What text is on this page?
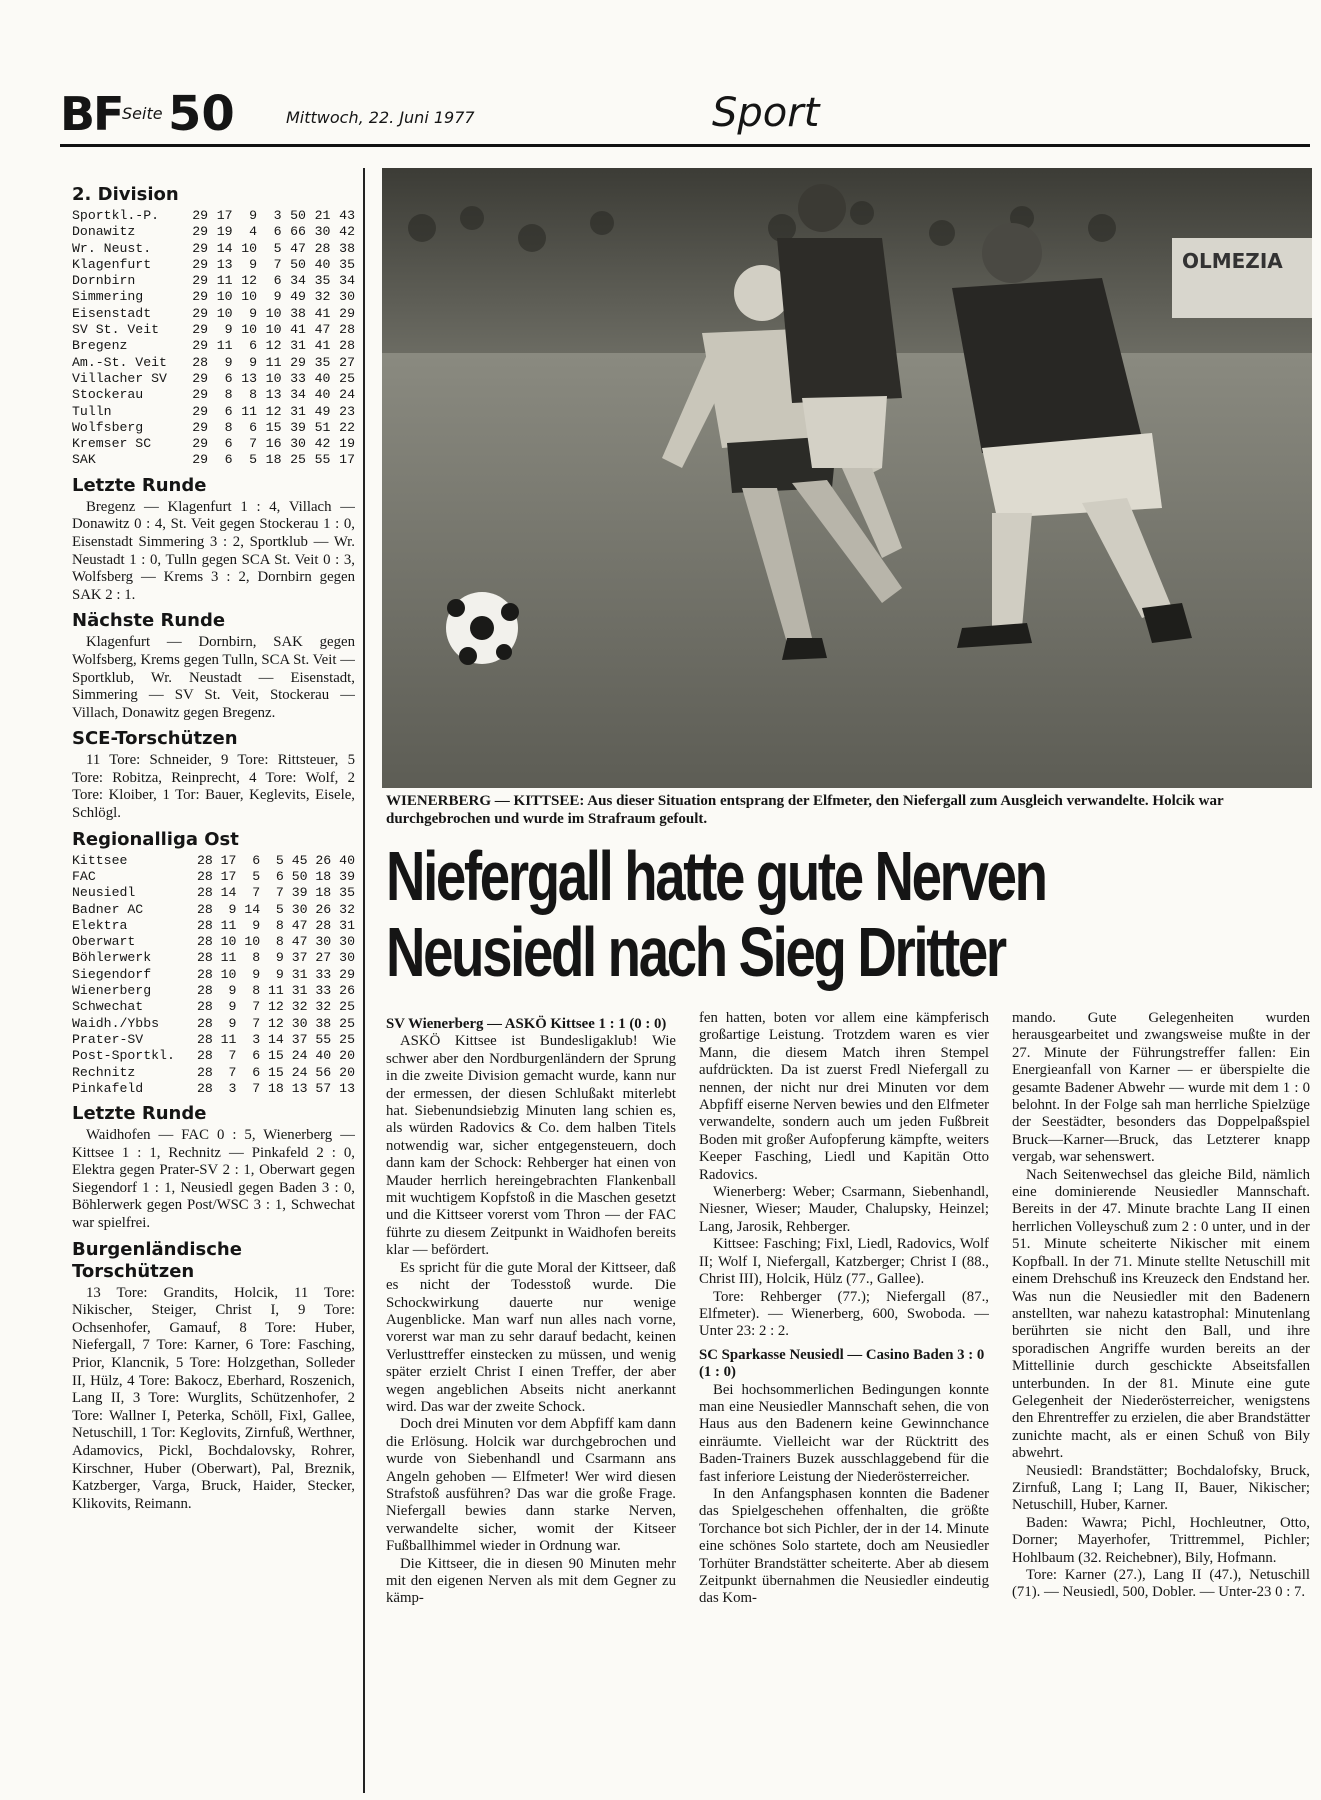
BF Seite 50	Mittwoch, 22. Juni 1977	Sport
2. Division
Sportkl.-P.	29	17	9	3	50	21	43
Donawitz	29	19	4	6	66	30	42
Wr. Neust.	29	14	10	5	47	28	38
Klagenfurt	29	13	9	7	50	40	35
Dornbirn	29	11	12	6	34	35	34
Simmering	29	10	10	9	49	32	30
Eisenstadt	29	10	9	10	38	41	29
SV St. Veit	29	9	10	10	41	47	28
Bregenz	29	11	6	12	31	41	28
Am.-St. Veit	28	9	9	11	29	35	27
Villacher SV	29	6	13	10	33	40	25
Stockerau	29	8	8	13	34	40	24
Tulln	29	6	11	12	31	49	23
Wolfsberg	29	8	6	15	39	51	22
Kremser SC	29	6	7	16	30	42	19
SAK	29	6	5	18	25	55	17
Letzte Runde

Bregenz — Klagenfurt 1 : 4, Villach — Donawitz 0 : 4, St. Veit gegen Stockerau 1 : 0, Eisenstadt Simmering 3 : 2, Sportklub — Wr. Neustadt 1 : 0, Tulln gegen SCA St. Veit 0 : 3, Wolfsberg — Krems 3 : 2, Dornbirn gegen SAK 2 : 1.

Nächste Runde

Klagenfurt — Dornbirn, SAK gegen Wolfsberg, Krems gegen Tulln, SCA St. Veit — Sportklub, Wr. Neustadt — Eisenstadt, Simmering — SV St. Veit, Stockerau — Villach, Donawitz gegen Bregenz.

SCE-Torschützen

11 Tore: Schneider, 9 Tore: Rittsteuer, 5 Tore: Robitza, Reinprecht, 4 Tore: Wolf, 2 Tore: Kloiber, 1 Tor: Bauer, Keglevits, Eisele, Schlögl.

Regionalliga Ost
Kittsee	28	17	6	5	45	26	40
FAC	28	17	5	6	50	18	39
Neusiedl	28	14	7	7	39	18	35
Badner AC	28	9	14	5	30	26	32
Elektra	28	11	9	8	47	28	31
Oberwart	28	10	10	8	47	30	30
Böhlerwerk	28	11	8	9	37	27	30
Siegendorf	28	10	9	9	31	33	29
Wienerberg	28	9	8	11	31	33	26
Schwechat	28	9	7	12	32	32	25
Waidh./Ybbs	28	9	7	12	30	38	25
Prater-SV	28	11	3	14	37	55	25
Post-Sportkl.	28	7	6	15	24	40	20
Rechnitz	28	7	6	15	24	56	20
Pinkafeld	28	3	7	18	13	57	13
Letzte Runde

Waidhofen — FAC 0 : 5, Wienerberg — Kittsee 1 : 1, Rechnitz — Pinkafeld 2 : 0, Elektra gegen Prater-SV 2 : 1, Oberwart gegen Siegendorf 1 : 1, Neusiedl gegen Baden 3 : 0, Böhlerwerk gegen Post/WSC 3 : 1, Schwechat war spielfrei.

Burgenländische Torschützen

13 Tore: Grandits, Holcik, 11 Tore: Nikischer, Steiger, Christ I, 9 Tore: Ochsenhofer, Gamauf, 8 Tore: Huber, Niefergall, 7 Tore: Karner, 6 Tore: Fasching, Prior, Klancnik, 5 Tore: Holzgethan, Solleder II, Hülz, 4 Tore: Bakocz, Eberhard, Roszenich, Lang II, 3 Tore: Wurglits, Schützenhofer, 2 Tore: Wallner I, Peterka, Schöll, Fixl, Gallee, Netuschill, 1 Tor: Keglovits, Zirnfuß, Werthner, Adamovics, Pickl, Bochdalovsky, Rohrer, Kirschner, Huber (Oberwart), Pal, Breznik, Katzberger, Varga, Bruck, Haider, Stecker, Klikovits, Reimann.

OLMEZIA
WIENERBERG — KITTSEE: Aus dieser Situation entsprang der Elfmeter, den Niefergall zum Ausgleich verwandelte. Holcik war durchgebrochen und wurde im Strafraum gefoult.
Niefergall hatte gute Nerven
Neusiedl nach Sieg Dritter

SV Wienerberg — ASKÖ Kittsee 1 : 1 (0 : 0)

ASKÖ Kittsee ist Bundesligaklub! Wie schwer aber den Nordburgenländern der Sprung in die zweite Division gemacht wurde, kann nur der ermessen, der diesen Schlußakt miterlebt hat. Siebenundsiebzig Minuten lang schien es, als würden Radovics & Co. dem halben Titels notwendig war, sicher entgegensteuern, doch dann kam der Schock: Rehberger hat einen von Mauder herrlich hereingebrachten Flankenball mit wuchtigem Kopfstoß in die Maschen gesetzt und die Kittseer vorerst vom Thron — der FAC führte zu diesem Zeitpunkt in Waidhofen bereits klar — befördert.

Es spricht für die gute Moral der Kittseer, daß es nicht der Todesstoß wurde. Die Schockwirkung dauerte nur wenige Augenblicke. Man warf nun alles nach vorne, vorerst war man zu sehr darauf bedacht, keinen Verlusttreffer einstecken zu müssen, und wenig später erzielt Christ I einen Treffer, der aber wegen angeblichen Abseits nicht anerkannt wird. Das war der zweite Schock.

Doch drei Minuten vor dem Abpfiff kam dann die Erlösung. Holcik war durchgebrochen und wurde von Siebenhandl und Csarmann ans Angeln gehoben — Elfmeter! Wer wird diesen Strafstoß ausführen? Das war die große Frage. Niefergall bewies dann starke Nerven, verwandelte sicher, womit der Kitseer Fußballhimmel wieder in Ordnung war.

Die Kittseer, die in diesen 90 Minuten mehr mit den eigenen Nerven als mit dem Gegner zu kämp-

fen hatten, boten vor allem eine kämpferisch großartige Leistung. Trotzdem waren es vier Mann, die diesem Match ihren Stempel aufdrückten. Da ist zuerst Fredl Niefergall zu nennen, der nicht nur drei Minuten vor dem Abpfiff eiserne Nerven bewies und den Elfmeter verwandelte, sondern auch um jeden Fußbreit Boden mit großer Aufopferung kämpfte, weiters Keeper Fasching, Liedl und Kapitän Otto Radovics.

Wienerberg: Weber; Csarmann, Siebenhandl, Niesner, Wieser; Mauder, Chalupsky, Heinzel; Lang, Jarosik, Rehberger.

Kittsee: Fasching; Fixl, Liedl, Radovics, Wolf II; Wolf I, Niefergall, Katzberger; Christ I (88., Christ III), Holcik, Hülz (77., Gallee).

Tore: Rehberger (77.); Niefergall (87., Elfmeter). — Wienerberg, 600, Swoboda. — Unter 23: 2 : 2.

SC Sparkasse Neusiedl — Casino Baden 3 : 0 (1 : 0)

Bei hochsommerlichen Bedingungen konnte man eine Neusiedler Mannschaft sehen, die von Haus aus den Badenern keine Gewinnchance einräumte. Vielleicht war der Rücktritt des Baden-Trainers Buzek ausschlaggebend für die fast inferiore Leistung der Niederösterreicher.

In den Anfangsphasen konnten die Badener das Spielgeschehen offenhalten, die größte Torchance bot sich Pichler, der in der 14. Minute eine schönes Solo startete, doch am Neusiedler Torhüter Brandstätter scheiterte. Aber ab diesem Zeitpunkt übernahmen die Neusiedler eindeutig das Kom-

mando. Gute Gelegenheiten wurden herausgearbeitet und zwangsweise mußte in der 27. Minute der Führungstreffer fallen: Ein Energieanfall von Karner — er überspielte die gesamte Badener Abwehr — wurde mit dem 1 : 0 belohnt. In der Folge sah man herrliche Spielzüge der Seestädter, besonders das Doppelpaßspiel Bruck—Karner—Bruck, das Letzterer knapp vergab, war sehenswert.

Nach Seitenwechsel das gleiche Bild, nämlich eine dominierende Neusiedler Mannschaft. Bereits in der 47. Minute brachte Lang II einen herrlichen Volleyschuß zum 2 : 0 unter, und in der 51. Minute scheiterte Nikischer mit einem Kopfball. In der 71. Minute stellte Netuschill mit einem Drehschuß ins Kreuzeck den Endstand her. Was nun die Neusiedler mit den Badenern anstellten, war nahezu katastrophal: Minutenlang berührten sie nicht den Ball, und ihre sporadischen Angriffe wurden bereits an der Mittellinie durch geschickte Abseitsfallen unterbunden. In der 81. Minute eine gute Gelegenheit der Niederösterreicher, wenigstens den Ehrentreffer zu erzielen, die aber Brandstätter zunichte macht, als er einen Schuß von Bily abwehrt.

Neusiedl: Brandstätter; Bochdalofsky, Bruck, Zirnfuß, Lang I; Lang II, Bauer, Nikischer; Netuschill, Huber, Karner.

Baden: Wawra; Pichl, Hochleutner, Otto, Dorner; Mayerhofer, Trittremmel, Pichler; Hohlbaum (32. Reichebner), Bily, Hofmann.

Tore: Karner (27.), Lang II (47.), Netuschill (71). — Neusiedl, 500, Dobler. — Unter-23 0 : 7.
